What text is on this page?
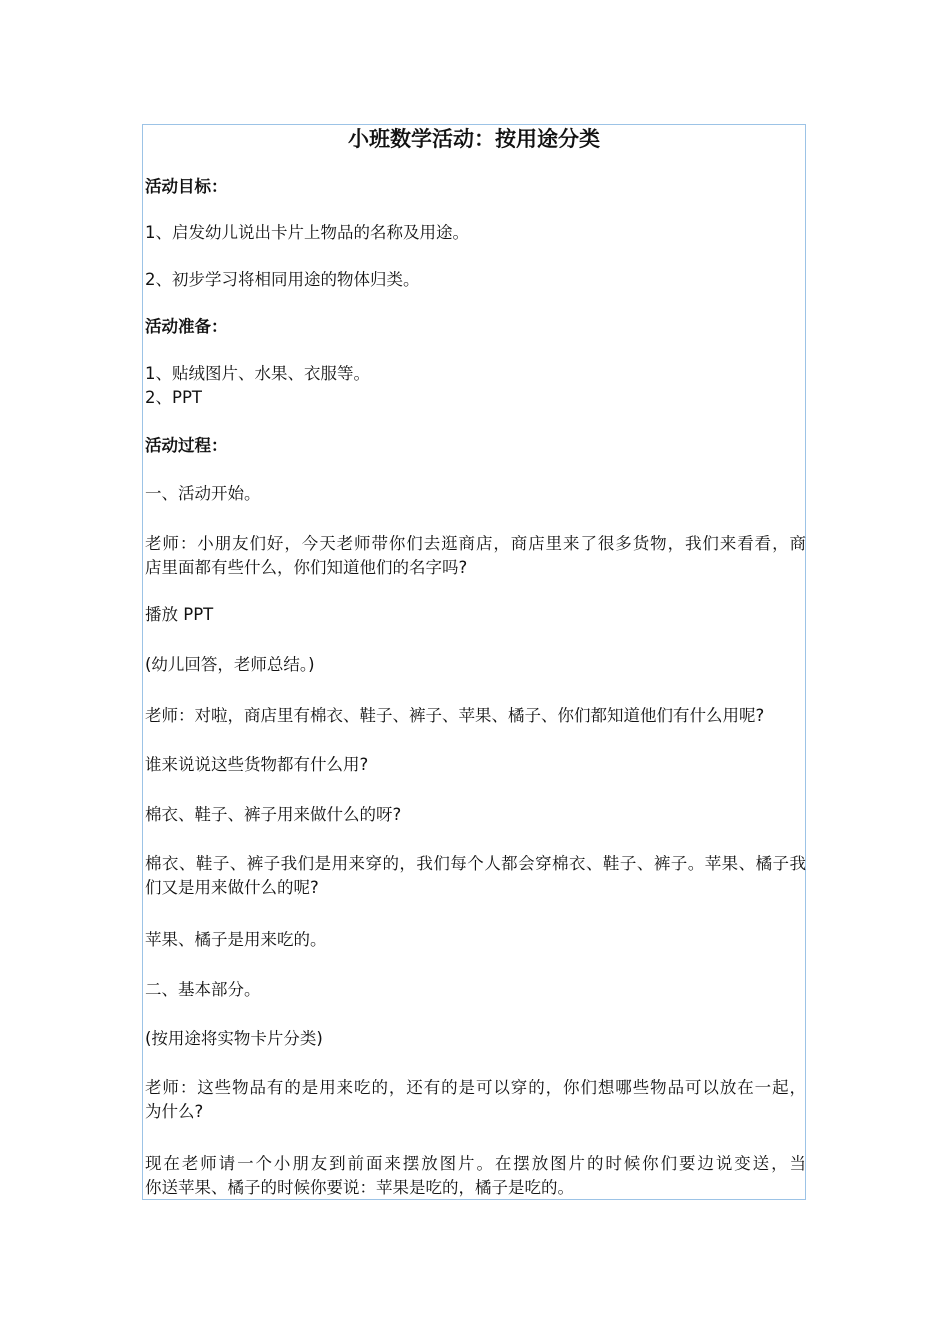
小班数学活动：按用途分类
活动目标：
1、启发幼儿说出卡片上物品的名称及用途。
2、初步学习将相同用途的物体归类。
活动准备：
1、贴绒图片、水果、衣服等。
2、PPT
活动过程：
一、活动开始。
老师：小朋友们好，今天老师带你们去逛商店，商店里来了很多货物，我们来看看，商
店里面都有些什么，你们知道他们的名字吗?
播放 PPT
(幼儿回答，老师总结。)
老师：对啦，商店里有棉衣、鞋子、裤子、苹果、橘子、你们都知道他们有什么用呢?
谁来说说这些货物都有什么用?
棉衣、鞋子、裤子用来做什么的呀?
棉衣、鞋子、裤子我们是用来穿的，我们每个人都会穿棉衣、鞋子、裤子。苹果、橘子我
们又是用来做什么的呢?
苹果、橘子是用来吃的。
二、基本部分。
(按用途将实物卡片分类)
老师：这些物品有的是用来吃的，还有的是可以穿的，你们想哪些物品可以放在一起，
为什么?
现在老师请一个小朋友到前面来摆放图片。在摆放图片的时候你们要边说变送，当
你送苹果、橘子的时候你要说：苹果是吃的，橘子是吃的。
